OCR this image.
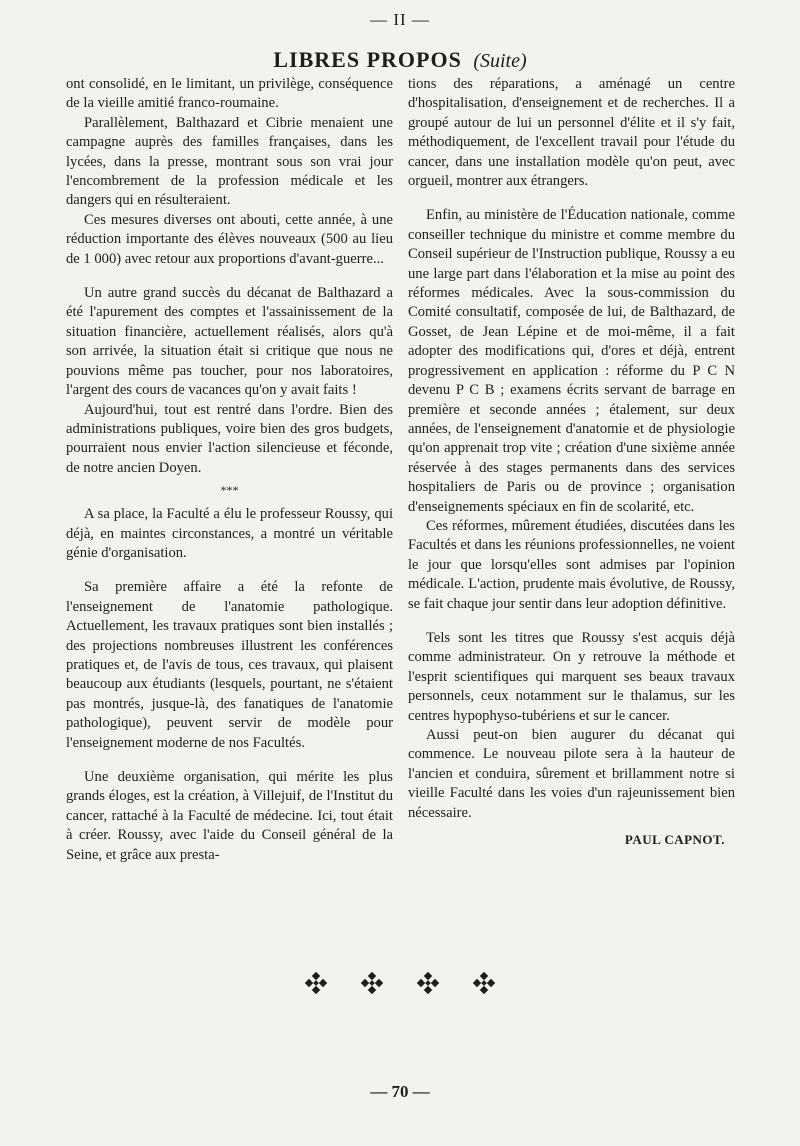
— II —
LIBRES PROPOS (Suite)

ont consolidé, en le limitant, un privilège, conséquence de la vieille amitié franco-roumaine.

Parallèlement, Balthazard et Cibrie menaient une campagne auprès des familles françaises, dans les lycées, dans la presse, montrant sous son vrai jour l'encombrement de la profession médicale et les dangers qui en résulteraient.

Ces mesures diverses ont abouti, cette année, à une réduction importante des élèves nouveaux (500 au lieu de 1 000) avec retour aux proportions d'avant-guerre...

Un autre grand succès du décanat de Balthazard a été l'apurement des comptes et l'assainissement de la situation financière, actuellement réalisés, alors qu'à son arrivée, la situation était si critique que nous ne pouvions même pas toucher, pour nos laboratoires, l'argent des cours de vacances qu'on y avait faits !

Aujourd'hui, tout est rentré dans l'ordre. Bien des administrations publiques, voire bien des gros budgets, pourraient nous envier l'action silencieuse et féconde, de notre ancien Doyen.

***

A sa place, la Faculté a élu le professeur Roussy, qui déjà, en maintes circonstances, a montré un véritable génie d'organisation.

Sa première affaire a été la refonte de l'enseignement de l'anatomie pathologique. Actuellement, les travaux pratiques sont bien installés ; des projections nombreuses illustrent les conférences pratiques et, de l'avis de tous, ces travaux, qui plaisent beaucoup aux étudiants (lesquels, pourtant, ne s'étaient pas montrés, jusque-là, des fanatiques de l'anatomie pathologique), peuvent servir de modèle pour l'enseignement moderne de nos Facultés.

Une deuxième organisation, qui mérite les plus grands éloges, est la création, à Villejuif, de l'Institut du cancer, rattaché à la Faculté de médecine. Ici, tout était à créer. Roussy, avec l'aide du Conseil général de la Seine, et grâce aux presta-

tions des réparations, a aménagé un centre d'hospitalisation, d'enseignement et de recherches. Il a groupé autour de lui un personnel d'élite et il s'y fait, méthodiquement, de l'excellent travail pour l'étude du cancer, dans une installation modèle qu'on peut, avec orgueil, montrer aux étrangers.

Enfin, au ministère de l'Éducation nationale, comme conseiller technique du ministre et comme membre du Conseil supérieur de l'Instruction publique, Roussy a eu une large part dans l'élaboration et la mise au point des réformes médicales. Avec la sous-commission du Comité consultatif, composée de lui, de Balthazard, de Gosset, de Jean Lépine et de moi-même, il a fait adopter des modifications qui, d'ores et déjà, entrent progressivement en application : réforme du P C N devenu P C B ; examens écrits servant de barrage en première et seconde années ; étalement, sur deux années, de l'enseignement d'anatomie et de physiologie qu'on apprenait trop vite ; création d'une sixième année réservée à des stages permanents dans des services hospitaliers de Paris ou de province ; organisation d'enseignements spéciaux en fin de scolarité, etc.

Ces réformes, mûrement étudiées, discutées dans les Facultés et dans les réunions professionnelles, ne voient le jour que lorsqu'elles sont admises par l'opinion médicale. L'action, prudente mais évolutive, de Roussy, se fait chaque jour sentir dans leur adoption définitive.

Tels sont les titres que Roussy s'est acquis déjà comme administrateur. On y retrouve la méthode et l'esprit scientifiques qui marquent ses beaux travaux personnels, ceux notamment sur le thalamus, sur les centres hypophyso-tubériens et sur le cancer.

Aussi peut-on bien augurer du décanat qui commence. Le nouveau pilote sera à la hauteur de l'ancien et conduira, sûrement et brillamment notre si vieille Faculté dans les voies d'un rajeunissement bien nécessaire.

PAUL CAPNOT.
— 70 —
